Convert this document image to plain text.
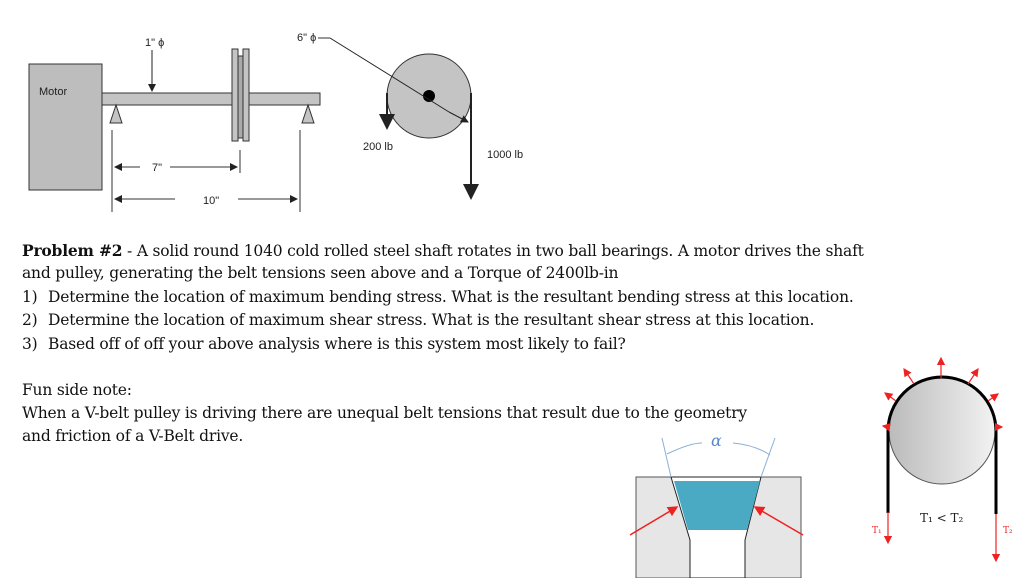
Motor
1" ϕ
7"
10"
6" ϕ
200 lb
1000 lb
α
T₁	T₂
T₁ < T₂
Problem #2 - A solid round 1040 cold rolled steel shaft rotates in two ball bearings. A motor drives the shaft
and pulley, generating the belt tensions seen above and a Torque of 2400lb-in
1) Determine the location of maximum bending stress. What is the resultant bending stress at this location.
2) Determine the location of maximum shear stress. What is the resultant shear stress at this location.
3) Based off of off your above analysis where is this system most likely to fail?
Fun side note:
When a V-belt pulley is driving there are unequal belt tensions that result due to the geometry
and friction of a V-Belt drive.
